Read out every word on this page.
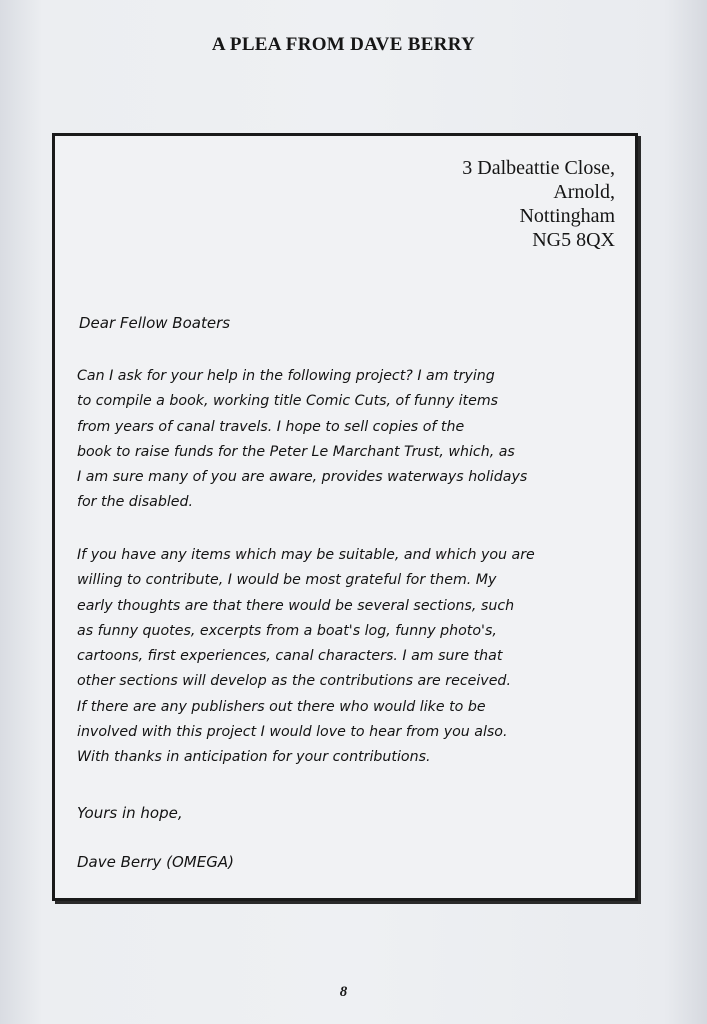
A PLEA FROM DAVE BERRY
3 Dalbeattie Close,
Arnold,
Nottingham
NG5 8QX
Dear Fellow Boaters
Can I ask for your help in the following project? I am trying
to compile a book, working title Comic Cuts, of funny items
from years of canal travels. I hope to sell copies of the
book to raise funds for the Peter Le Marchant Trust, which, as
I am sure many of you are aware, provides waterways holidays
for the disabled.
If you have any items which may be suitable, and which you are
willing to contribute, I would be most grateful for them. My
early thoughts are that there would be several sections, such
as funny quotes, excerpts from a boat's log, funny photo's,
cartoons, first experiences, canal characters. I am sure that
other sections will develop as the contributions are received.
If there are any publishers out there who would like to be
involved with this project I would love to hear from you also.
With thanks in anticipation for your contributions.
Yours in hope,
Dave Berry (OMEGA)
8
